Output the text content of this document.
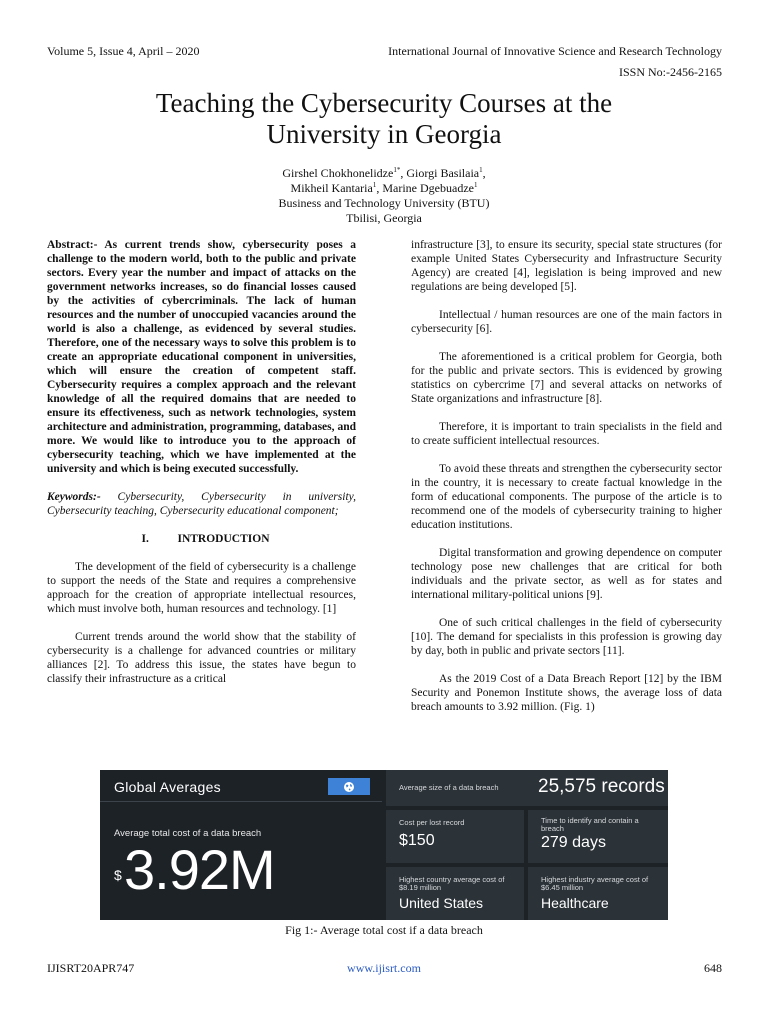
Volume 5, Issue 4, April – 2020	International Journal of Innovative Science and Research Technology
ISSN No:-2456-2165
Teaching the Cybersecurity Courses at the
University in Georgia
Girshel Chokhonelidze$^{1*}$, Giorgi Basilaia$^1$,
Mikheil Kantaria$^1$, Marine Dgebuadze$^1$
Business and Technology University (BTU)
Tbilisi, Georgia

Abstract:- As current trends show, cybersecurity poses a challenge to the modern world, both to the public and private sectors. Every year the number and impact of attacks on the government networks increases, so do financial losses caused by the activities of cybercriminals. The lack of human resources and the number of unoccupied vacancies around the world is also a challenge, as evidenced by several studies. Therefore, one of the necessary ways to solve this problem is to create an appropriate educational component in universities, which will ensure the creation of competent staff. Cybersecurity requires a complex approach and the relevant knowledge of all the required domains that are needed to ensure its effectiveness, such as network technologies, system architecture and administration, programming, databases, and more. We would like to introduce you to the approach of cybersecurity teaching, which we have implemented at the university and which is being executed successfully.

Keywords:- Cybersecurity, Cybersecurity in university, Cybersecurity teaching, Cybersecurity educational component;

I. INTRODUCTION

The development of the field of cybersecurity is a challenge to support the needs of the State and requires a comprehensive approach for the creation of appropriate intellectual resources, which must involve both, human resources and technology. [1]

Current trends around the world show that the stability of cybersecurity is a challenge for advanced countries or military alliances [2]. To address this issue, the states have begun to classify their infrastructure as a critical

infrastructure [3], to ensure its security, special state structures (for example United States Cybersecurity and Infrastructure Security Agency) are created [4], legislation is being improved and new regulations are being developed [5].

Intellectual / human resources are one of the main factors in cybersecurity [6].

The aforementioned is a critical problem for Georgia, both for the public and private sectors. This is evidenced by growing statistics on cybercrime [7] and several attacks on networks of State organizations and infrastructure [8].

Therefore, it is important to train specialists in the field and to create sufficient intellectual resources.

To avoid these threats and strengthen the cybersecurity sector in the country, it is necessary to create factual knowledge in the form of educational components. The purpose of the article is to recommend one of the models of cybersecurity training to higher education institutions.

Digital transformation and growing dependence on computer technology pose new challenges that are critical for both individuals and the private sector, as well as for states and international military-political unions [9].

One of such critical challenges in the field of cybersecurity [10]. The demand for specialists in this profession is growing day by day, both in public and private sectors [11].

As the 2019 Cost of a Data Breach Report [12] by the IBM Security and Ponemon Institute shows, the average loss of data breach amounts to 3.92 million. (Fig. 1)

Global Averages
Average total cost of a data breach
$ 3.92M
Average size of a data breach 25,575 records
Cost per lost record
$150
Time to identify and contain a breach
279 days
Highest country average cost of $8.19 million
United States
Highest industry average cost of $6.45 million
Healthcare
Fig 1:- Average total cost if a data breach
IJISRT20APR747	www.ijisrt.com	648
